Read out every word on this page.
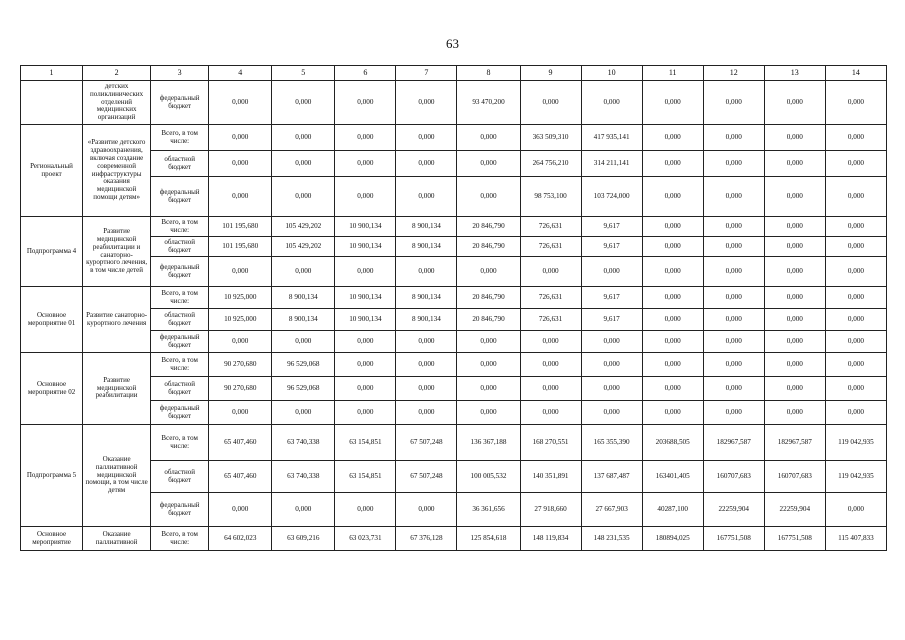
63
1	2	3	4	5	6	7	8	9	10	11	12	13	14
	детских поликлинических отделений медицинских организаций	федеральный бюджет	0,000	0,000	0,000	0,000	93 470,200	0,000	0,000	0,000	0,000	0,000	0,000
Региональный проект	«Развитие детского здравоохранения, включая создание современной инфраструктуры оказания медицинской помощи детям»	Всего, в том числе:	0,000	0,000	0,000	0,000	0,000	363 509,310	417 935,141	0,000	0,000	0,000	0,000
		областной бюджет	0,000	0,000	0,000	0,000	0,000	264 756,210	314 211,141	0,000	0,000	0,000	0,000
		федеральный бюджет	0,000	0,000	0,000	0,000	0,000	98 753,100	103 724,000	0,000	0,000	0,000	0,000
Подпрограмма 4	Развитие медицинской реабилитации и санаторно-курортного лечения, в том числе детей	Всего, в том числе:	101 195,680	105 429,202	10 900,134	8 900,134	20 846,790	726,631	9,617	0,000	0,000	0,000	0,000
		областной бюджет	101 195,680	105 429,202	10 900,134	8 900,134	20 846,790	726,631	9,617	0,000	0,000	0,000	0,000
		федеральный бюджет	0,000	0,000	0,000	0,000	0,000	0,000	0,000	0,000	0,000	0,000	0,000
Основное мероприятие 01	Развитие санаторно-курортного лечения	Всего, в том числе:	10 925,000	8 900,134	10 900,134	8 900,134	20 846,790	726,631	9,617	0,000	0,000	0,000	0,000
		областной бюджет	10 925,000	8 900,134	10 900,134	8 900,134	20 846,790	726,631	9,617	0,000	0,000	0,000	0,000
		федеральный бюджет	0,000	0,000	0,000	0,000	0,000	0,000	0,000	0,000	0,000	0,000	0,000
Основное мероприятие 02	Развитие медицинской реабилитации	Всего, в том числе:	90 270,680	96 529,068	0,000	0,000	0,000	0,000	0,000	0,000	0,000	0,000	0,000
		областной бюджет	90 270,680	96 529,068	0,000	0,000	0,000	0,000	0,000	0,000	0,000	0,000	0,000
		федеральный бюджет	0,000	0,000	0,000	0,000	0,000	0,000	0,000	0,000	0,000	0,000	0,000
Подпрограмма 5	Оказание паллиативной медицинской помощи, в том числе детям	Всего, в том числе:	65 407,460	63 740,338	63 154,851	67 507,248	136 367,188	168 270,551	165 355,390	203688,505	182967,587	182967,587	119 042,935
		областной бюджет	65 407,460	63 740,338	63 154,851	67 507,248	100 005,532	140 351,891	137 687,487	163401,405	160707,683	160707,683	119 042,935
		федеральный бюджет	0,000	0,000	0,000	0,000	36 361,656	27 918,660	27 667,903	40287,100	22259,904	22259,904	0,000
Основное мероприятие	Оказание паллиативной	Всего, в том числе:	64 602,023	63 609,216	63 023,731	67 376,128	125 854,618	148 119,834	148 231,535	180894,025	167751,508	167751,508	115 407,833
